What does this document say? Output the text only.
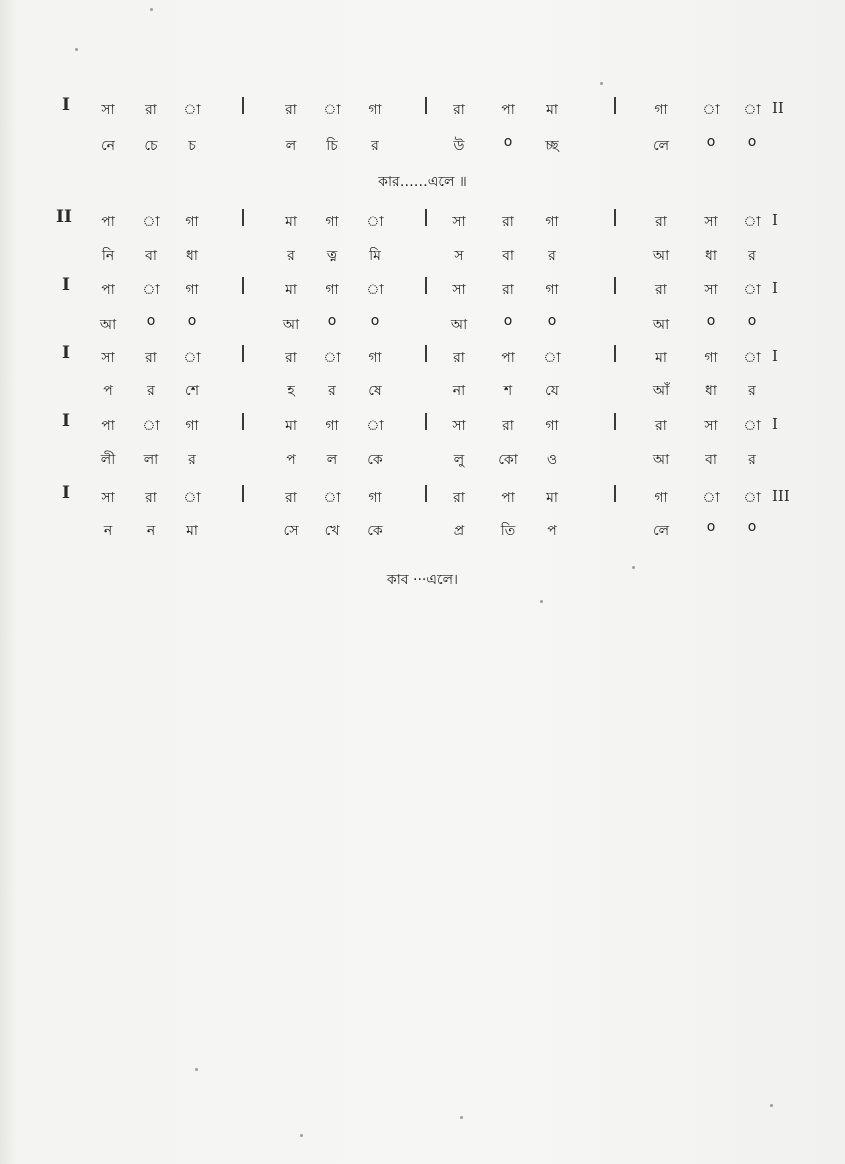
I	সা	রা	া	রা	া	গা	রা	পা	মা	গা	া	া II
নে	চে	চ	ল	চি	র	উ	o	চ্ছ	লে	o	o
II	পা	া	গা	মা	গা	া	সা	রা	গা	রা	সা	া I
নি	বা	ধা	র	ত্ন	মি	স	বা	র	আ	ধা	র
I	পা	া	গা	মা	গা	া	সা	রা	গা	রা	সা	া I
আ	o	o	আ	o	o	আ	o	o	আ	o	o
I	সা	রা	া	রা	া	গা	রা	পা	া	মা	গা	া I
প	র	শে	হ	র	ষে	না	শ	যে	আঁ	ধা	র
I	পা	া	গা	মা	গা	া	সা	রা	গা	রা	সা	া I
লী	লা	র	প	ল	কে	লু	কো	ও	আ	বা	র
I	সা	রা	া	রা	া	গা	রা	পা	মা	গা	া	া III
ন	ন	মা	সে	খে	কে	প্র	তি	প	লে	o	o
কার……এলে ॥
কাব ···এলে।
